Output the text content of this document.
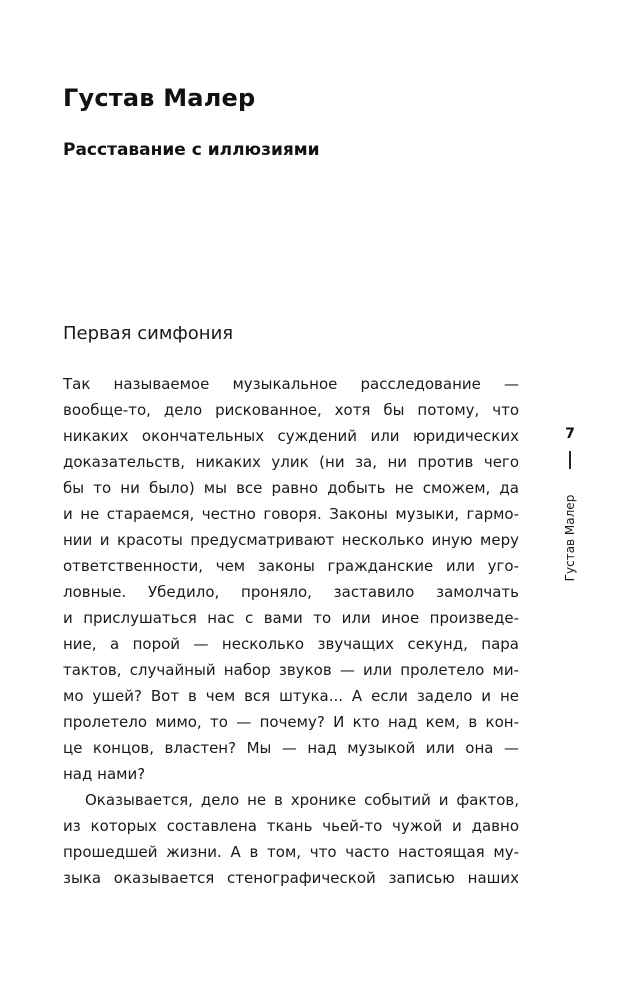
Густав Малер
Расставание с иллюзиями
Первая симфония
Так называемое музыкальное расследование —
вообще-то, дело рискованное, хотя бы потому, что
никаких окончательных суждений или юридических
доказательств, никаких улик (ни за, ни против чего
бы то ни было) мы все равно добыть не сможем, да
и не стараемся, честно говоря. Законы музыки, гармо-
нии и красоты предусматривают несколько иную меру
ответственности, чем законы гражданские или уго-
ловные. Убедило, проняло, заставило замолчать
и прислушаться нас с вами то или иное произведе-
ние, а порой — несколько звучащих секунд, пара
тактов, случайный набор звуков — или пролетело ми-
мо ушей? Вот в чем вся штука... А если задело и не
пролетело мимо, то — почему? И кто над кем, в кон-
це концов, властен? Мы — над музыкой или она —
над нами?
Оказывается, дело не в хронике событий и фактов,
из которых составлена ткань чьей-то чужой и давно
прошедшей жизни. А в том, что часто настоящая му-
зыка оказывается стенографической записью наших
7
Густав Малер
